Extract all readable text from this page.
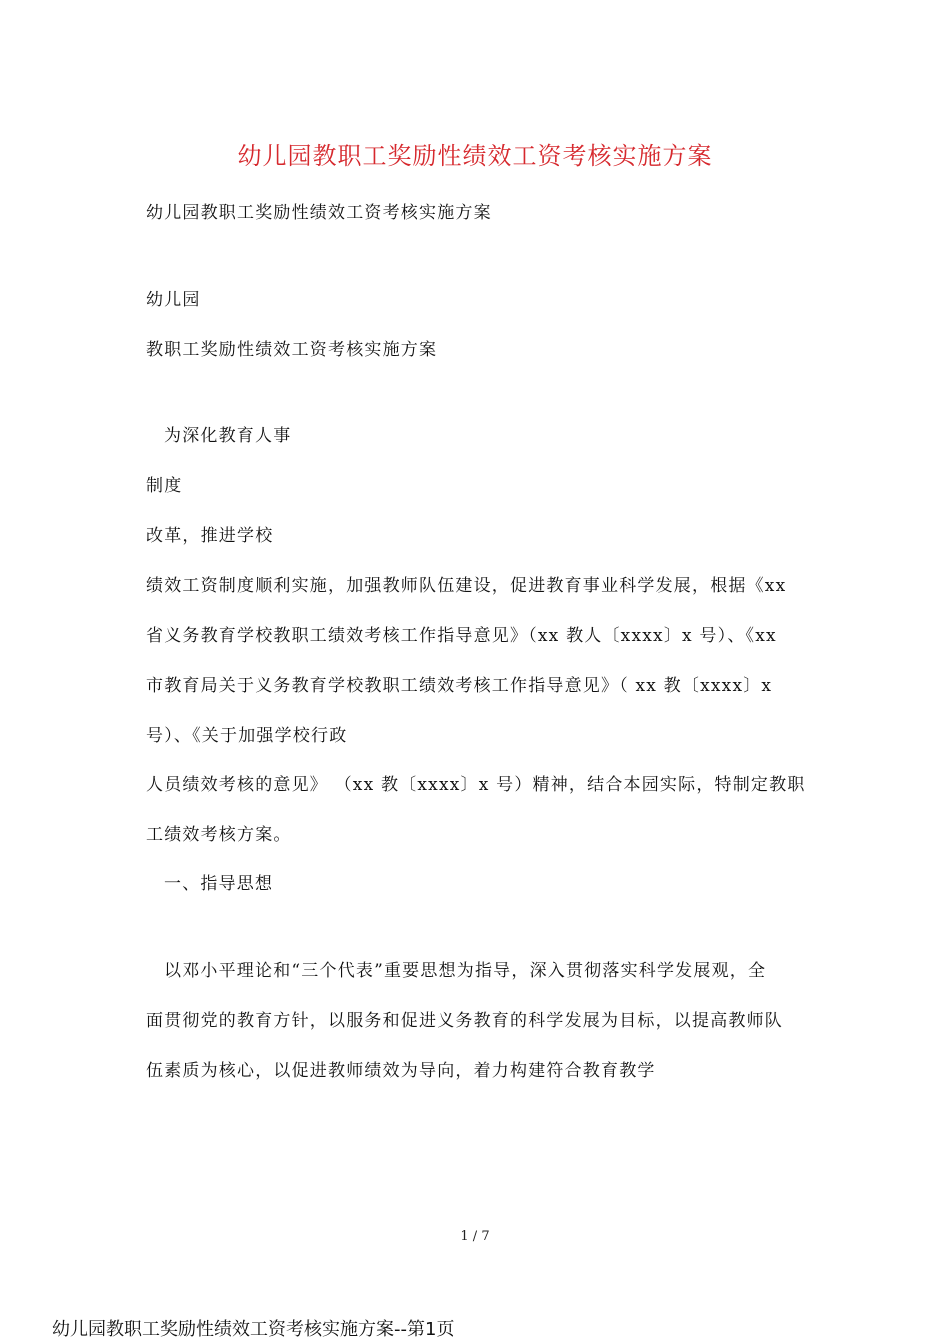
幼儿园教职工奖励性绩效工资考核实施方案
幼儿园教职工奖励性绩效工资考核实施方案
幼儿园
教职工奖励性绩效工资考核实施方案
为深化教育人事
制度
改革，推进学校
绩效工资制度顺利实施，加强教师队伍建设，促进教育事业科学发展，根据《xx
省义务教育学校教职工绩效考核工作指导意见》（xx 教人〔xxxx〕x 号）、《xx
市教育局关于义务教育学校教职工绩效考核工作指导意见》（ xx 教〔xxxx〕x
号）、《关于加强学校行政
人员绩效考核的意见》 （xx 教〔xxxx〕x 号）精神，结合本园实际，特制定教职
工绩效考核方案。
一、指导思想
以邓小平理论和“三个代表”重要思想为指导，深入贯彻落实科学发展观，全
面贯彻党的教育方针，以服务和促进义务教育的科学发展为目标，以提高教师队
伍素质为核心，以促进教师绩效为导向，着力构建符合教育教学
1 / 7
幼儿园教职工奖励性绩效工资考核实施方案--第1页
